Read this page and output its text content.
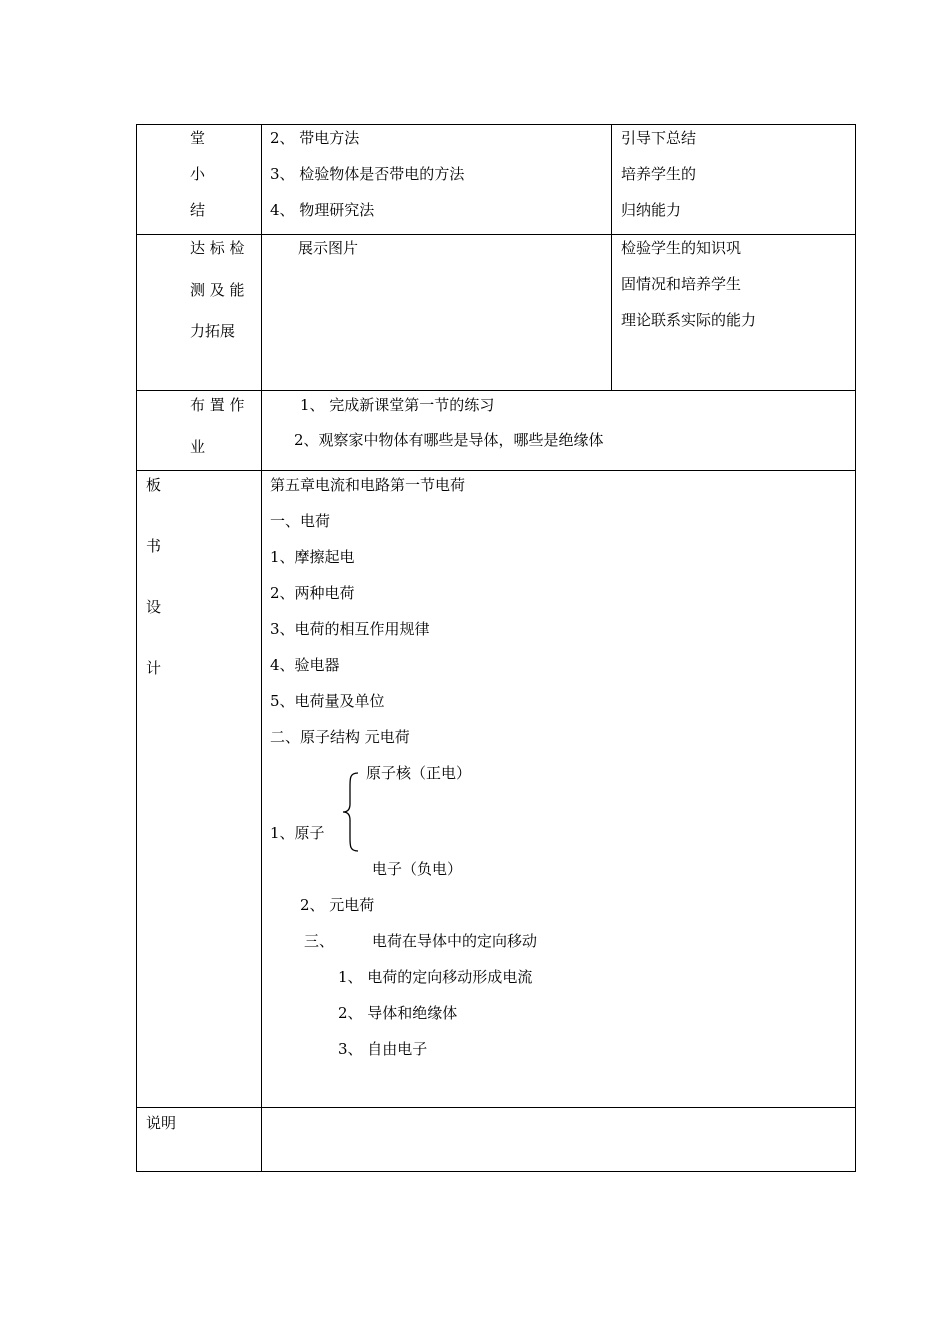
堂
小
结
2、 带电方法
3、 检验物体是否带电的方法
4、 物理研究法
引导下总结
培养学生的
归纳能力
达 标 检
测 及 能
力拓展
展示图片	检验学生的知识巩
固情况和培养学生
理论联系实际的能力
布 置 作
业
1、 完成新课堂第一节的练习
2、观察家中物体有哪些是导体，哪些是绝缘体
板
书
设
计
第五章电流和电路第一节电荷
一、电荷
1、摩擦起电
2、两种电荷
3、电荷的相互作用规律
4、验电器
5、电荷量及单位
二、原子结构 元电荷
原子核（正电）
1、原子
电子（负电）
2、 元电荷
三、	电荷在导体中的定向移动
1、 电荷的定向移动形成电流
2、 导体和绝缘体
3、 自由电子
说明
